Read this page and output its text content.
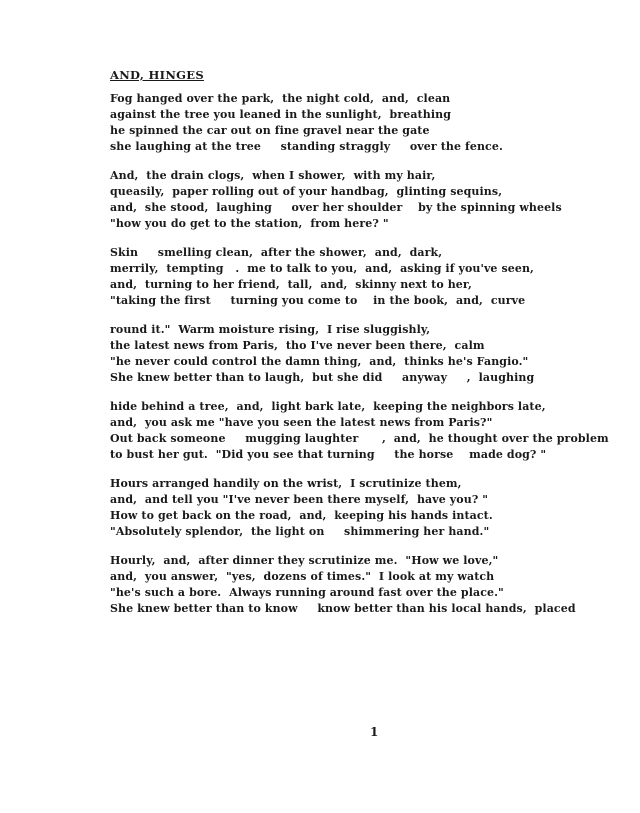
AND, HINGES
Fog hanged over the park,  the night cold,  and,  clean
against the tree you leaned in the sunlight,  breathing
he spinned the car out on fine gravel near the gate
she laughing at the tree     standing straggly     over the fence.
And,  the drain clogs,  when I shower,  with my hair,
queasily,  paper rolling out of your handbag,  glinting sequins,
and,  she stood,  laughing     over her shoulder    by the spinning wheels
"how you do get to the station,  from here? "
Skin     smelling clean,  after the shower,  and,  dark,
merrily,  tempting   .  me to talk to you,  and,  asking if you've seen,
and,  turning to her friend,  tall,  and,  skinny next to her,
"taking the first     turning you come to    in the book,  and,  curve
round it."  Warm moisture rising,  I rise sluggishly,
the latest news from Paris,  tho I've never been there,  calm
"he never could control the damn thing,  and,  thinks he's Fangio."
She knew better than to laugh,  but she did     anyway     ,  laughing
hide behind a tree,  and,  light bark late,  keeping the neighbors late,
and,  you ask me "have you seen the latest news from Paris?"
Out back someone     mugging laughter      ,  and,  he thought over the problem
to bust her gut.  "Did you see that turning     the horse    made dog? "
Hours arranged handily on the wrist,  I scrutinize them,
and,  and tell you "I've never been there myself,  have you? "
How to get back on the road,  and,  keeping his hands intact.
"Absolutely splendor,  the light on     shimmering her hand."
Hourly,  and,  after dinner they scrutinize me.  "How we love,"
and,  you answer,  "yes,  dozens of times."  I look at my watch
"he's such a bore.  Always running around fast over the place."
She knew better than to know     know better than his local hands,  placed
1
